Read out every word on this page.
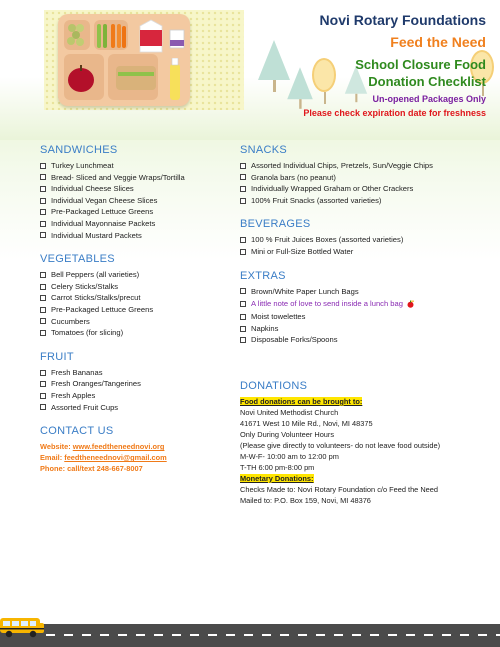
Novi Rotary Foundations
Feed the Need
School Closure Food
Donation Checklist
Un-opened Packages Only
Please check expiration date for freshness
SANDWICHES
Turkey Lunchmeat
Bread- Sliced and Veggie Wraps/Tortilla
Individual Cheese Slices
Individual Vegan Cheese Slices
Pre-Packaged Lettuce Greens
Individual Mayonnaise Packets
Individual Mustard Packets
VEGETABLES
Bell Peppers (all varieties)
Celery Sticks/Stalks
Carrot Sticks/Stalks/precut
Pre-Packaged Lettuce Greens
Cucumbers
Tomatoes (for slicing)
FRUIT
Fresh Bananas
Fresh Oranges/Tangerines
Fresh Apples
Assorted Fruit Cups
CONTACT US
Website: www.feedtheneednovi.org
Email: feedtheneednovi@gmail.com
Phone: call/text 248-667-8007
SNACKS
Assorted Individual Chips, Pretzels, Sun/Veggie Chips
Granola bars (no peanut)
Individually Wrapped Graham or Other Crackers
100% Fruit Snacks (assorted varieties)
BEVERAGES
100 % Fruit Juices Boxes (assorted varieties)
Mini or Full-Size Bottled Water
EXTRAS
Brown/White Paper Lunch Bags
A little note of love to send inside a lunch bag
Moist towelettes
Napkins
Disposable Forks/Spoons
DONATIONS
Food donations can be brought to:
Novi United Methodist Church
41671 West 10 Mile Rd., Novi, MI 48375
Only During Volunteer Hours
(Please give directly to volunteers- do not leave food outside)
M-W-F- 10:00 am to 12:00 pm
T-TH 6:00 pm-8:00 pm
Monetary Donations:
Checks Made to: Novi Rotary Foundation c/o Feed the Need
Mailed to: P.O. Box 159, Novi, MI 48376
